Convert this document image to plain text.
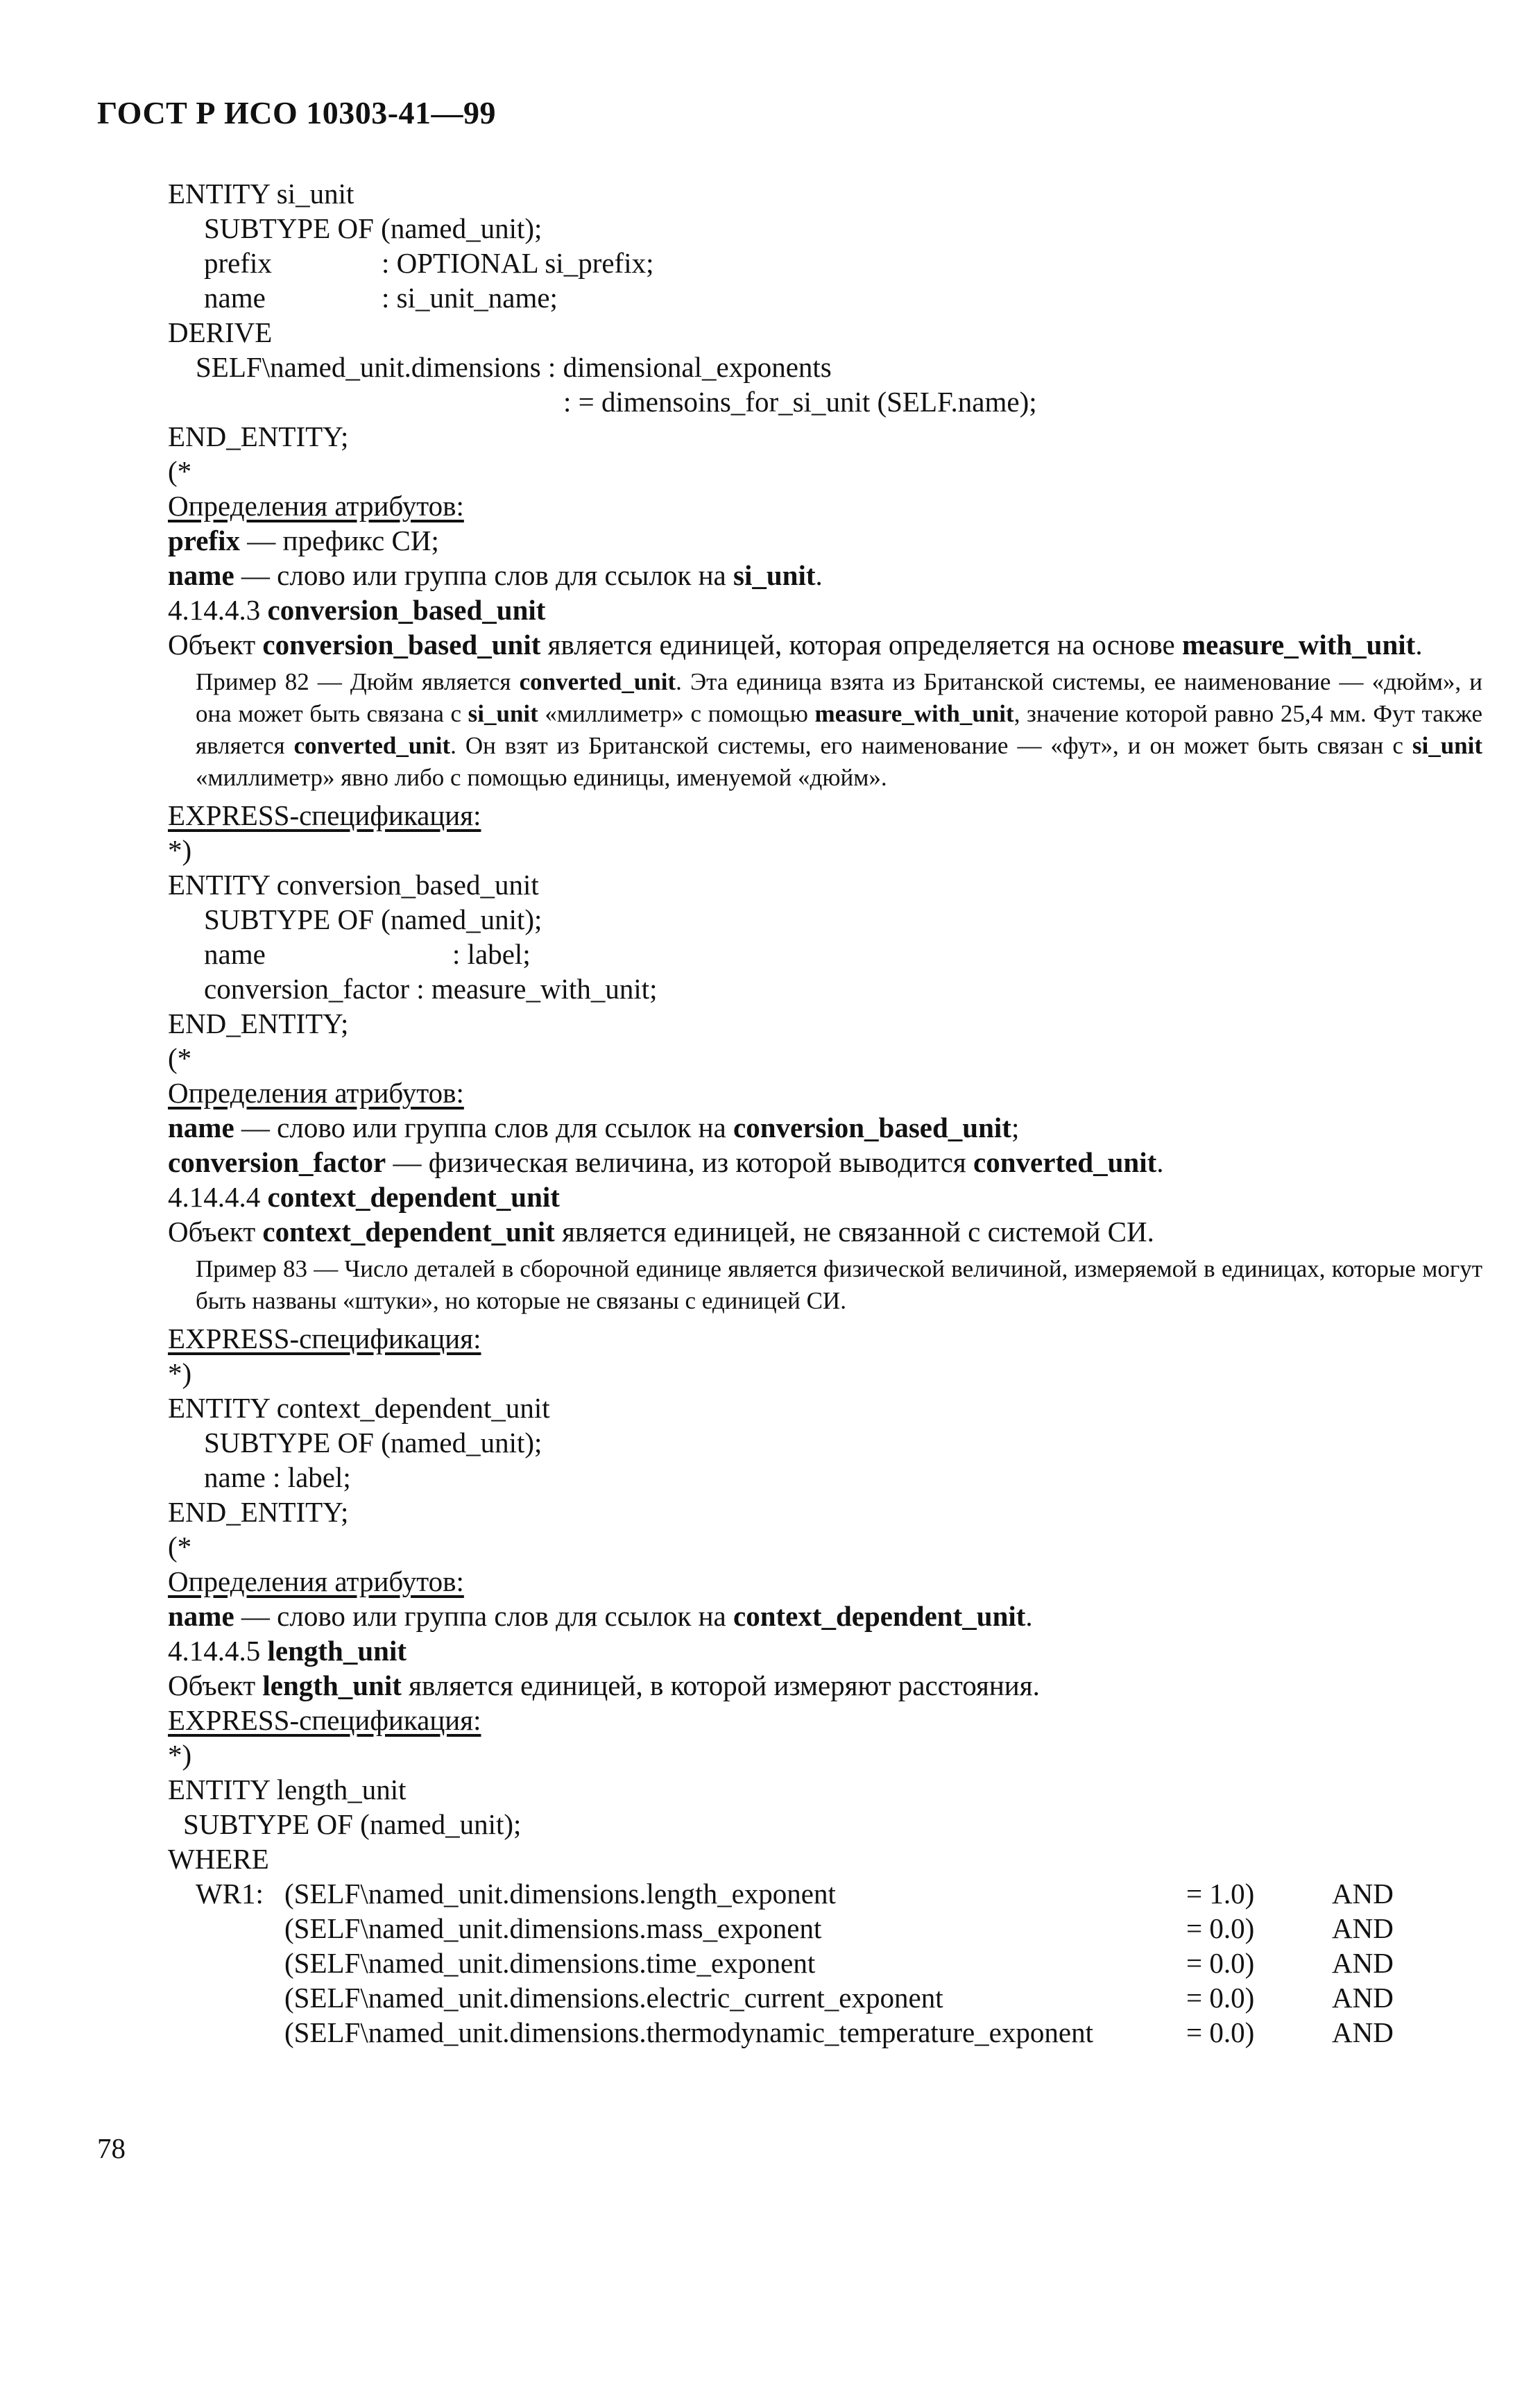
ГОСТ Р ИСО 10303-41—99
ENTITY si_unit
SUBTYPE OF (named_unit);
prefix	: OPTIONAL si_prefix;
name	: si_unit_name;
DERIVE
SELF\named_unit.dimensions : dimensional_exponents
: = dimensoins_for_si_unit (SELF.name);
END_ENTITY;
(*
Определения атрибутов:
prefix — префикс СИ;
name — слово или группа слов для ссылок на si_unit.
4.14.4.3 conversion_based_unit
Объект conversion_based_unit является единицей, которая определяется на основе measure_with_unit.

Пример 82 — Дюйм является converted_unit. Эта единица взята из Британской системы, ее наименование — «дюйм», и она может быть связана с si_unit «миллиметр» с помощью measure_with_unit, значение которой равно 25,4 мм. Фут также является converted_unit. Он взят из Британской системы, его наименование — «фут», и он может быть связан с si_unit «миллиметр» явно либо с помощью единицы, именуемой «дюйм».

EXPRESS-спецификация:
*)
ENTITY conversion_based_unit
SUBTYPE OF (named_unit);
name	: label;
conversion_factor : measure_with_unit;
END_ENTITY;
(*
Определения атрибутов:
name — слово или группа слов для ссылок на conversion_based_unit;
conversion_factor — физическая величина, из которой выводится converted_unit.
4.14.4.4 context_dependent_unit
Объект context_dependent_unit является единицей, не связанной с системой СИ.

Пример 83 — Число деталей в сборочной единице является физической величиной, измеряемой в единицах, которые могут быть названы «штуки», но которые не связаны с единицей СИ.

EXPRESS-спецификация:
*)
ENTITY context_dependent_unit
SUBTYPE OF (named_unit);
name : label;
END_ENTITY;
(*
Определения атрибутов:
name — слово или группа слов для ссылок на context_dependent_unit.
4.14.4.5 length_unit
Объект length_unit является единицей, в которой измеряют расстояния.
EXPRESS-спецификация:
*)
ENTITY length_unit
SUBTYPE OF (named_unit);
WHERE
WR1: (SELF\named_unit.dimensions.length_exponent	= 1.0)	AND
(SELF\named_unit.dimensions.mass_exponent	= 0.0)	AND
(SELF\named_unit.dimensions.time_exponent	= 0.0)	AND
(SELF\named_unit.dimensions.electric_current_exponent	= 0.0)	AND
(SELF\named_unit.dimensions.thermodynamic_temperature_exponent	= 0.0)	AND
78
